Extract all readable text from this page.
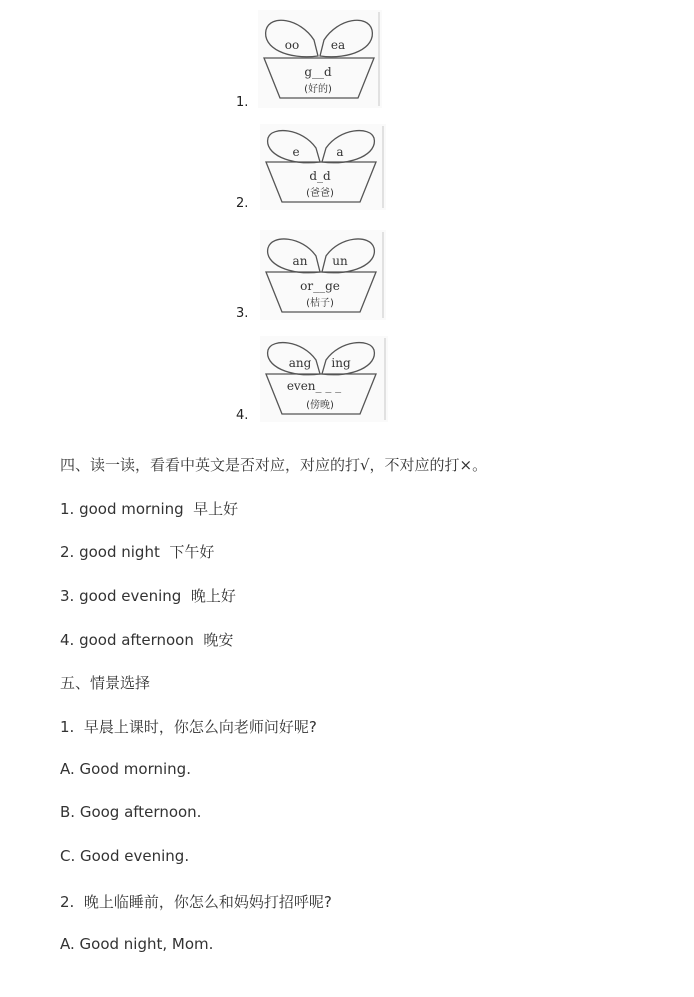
1.
oo	ea
g__d
(好的)
2.
e	a
d_d
(爸爸)
3.
an un
or__ge
(桔子)
4.
ang ing
even_ _ _
(傍晚)
四、读一读，看看中英文是否对应，对应的打√，不对应的打×。
1. good morning  早上好
2. good night  下午好
3. good evening  晚上好
4. good afternoon  晚安
五、情景选择
1.  早晨上课时，你怎么向老师问好呢?
A. Good morning.
B. Goog afternoon.
C. Good evening.
2.  晚上临睡前，你怎么和妈妈打招呼呢?
A. Good night, Mom.
